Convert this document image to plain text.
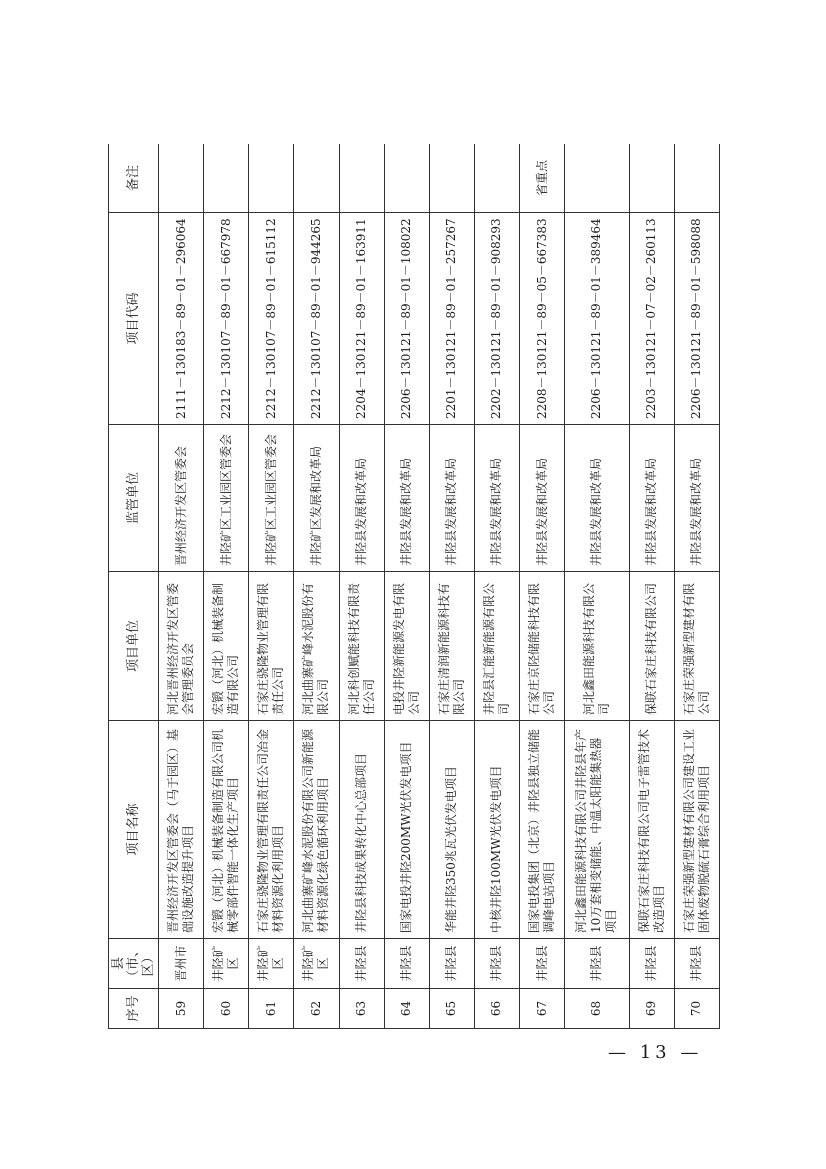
序号	县（市、区）	项目名称	项目单位	监管单位	项目代码	备注
59	晋州市	晋州经济开发区管委会（马于园区）基础设施改造提升项目	河北晋州经济开发区管委会管理委员会	晋州经济开发区管委会	2111－130183－89－01－296064	
60	井陉矿区	宏锻（河北）机械装备制造有限公司机械零部件智能一体化生产项目	宏锻（河北）机械装备制造有限公司	井陉矿区工业园区管委会	2212－130107－89－01－667978	
61	井陉矿区	石家庄骁隆物业管理有限责任公司冶金材料资源化利用项目	石家庄骁隆物业管理有限责任公司	井陉矿区工业园区管委会	2212－130107－89－01－615112	
62	井陉矿区	河北曲寨矿峰水泥股份有限公司新能源材料资源化绿色循环利用项目	河北曲寨矿峰水泥股份有限公司	井陉矿区发展和改革局	2212－130107－89－01－944265	
63	井陉县	井陉县科技成果转化中心总部项目	河北科创赋能科技有限责任公司	井陉县发展和改革局	2204－130121－89－01－163911	
64	井陉县	国家电投井陉200MW光伏发电项目	电投井陉新能源发电有限公司	井陉县发展和改革局	2206－130121－89－01－108022	
65	井陉县	华能井陉350兆瓦光伏发电项目	石家庄清润新能源科技有限公司	井陉县发展和改革局	2201－130121－89－01－257267	
66	井陉县	中核井陉100MW光伏发电项目	井陉县汇能新能源有限公司	井陉县发展和改革局	2202－130121－89－01－908293	
67	井陉县	国家电投集团（北京）井陉县独立储能调峰电站项目	石家庄京陉储能科技有限公司	井陉县发展和改革局	2208－130121－89－05－667383	省重点
68	井陉县	河北鑫田能源科技有限公司井陉县年产10万套相变储能、中温太阳能集热器项目	河北鑫田能源科技有限公司	井陉县发展和改革局	2206－130121－89－01－389464	
69	井陉县	保联石家庄科技有限公司电子雷管技术改造项目	保联石家庄科技有限公司	井陉县发展和改革局	2203－130121－07－02－260113	
70	井陉县	石家庄荣强新型建材有限公司建设工业固体废物脱硫石膏综合利用项目	石家庄荣强新型建材有限公司	井陉县发展和改革局	2206－130121－89－01－598088	
— 13 —
